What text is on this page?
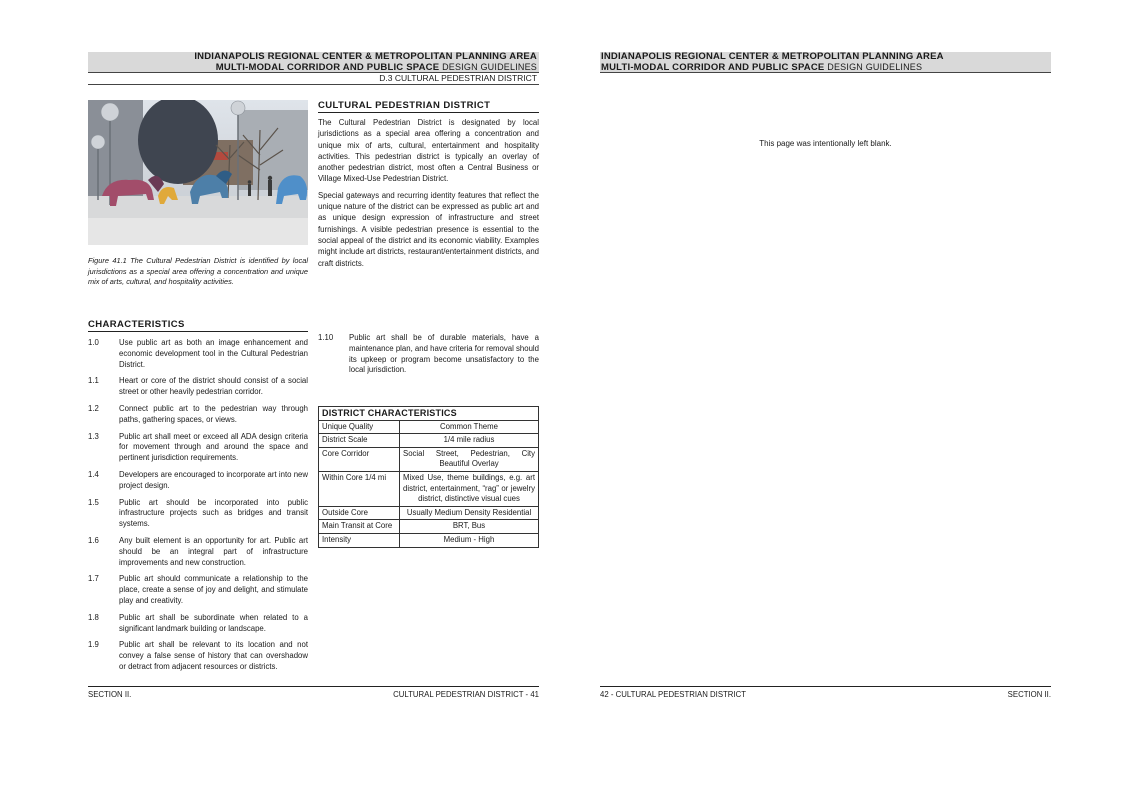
INDIANAPOLIS REGIONAL CENTER & METROPOLITAN PLANNING AREA
MULTI-MODAL CORRIDOR AND PUBLIC SPACE DESIGN GUIDELINES
D.3 CULTURAL PEDESTRIAN DISTRICT
Figure 41.1 The Cultural Pedestrian District is identified by local jurisdictions as a special area offering a concentration and unique mix of arts, cultural, and hospitality activities.
CULTURAL PEDESTRIAN DISTRICT

The Cultural Pedestrian District is designated by local jurisdictions as a special area offering a concentration and unique mix of arts, cultural, entertainment and hospitality activities. This pedestrian district is typically an overlay of another pedestrian district, most often a Central Business or Village Mixed-Use Pedestrian District.

Special gateways and recurring identity features that reflect the unique nature of the district can be expressed as public art and as unique design expression of infrastructure and street furnishings. A visible pedestrian presence is essential to the social appeal of the district and its economic viability. Examples might include art districts, restaurant/entertainment districts, and craft districts.

CHARACTERISTICS
1.0	Use public art as both an image enhancement and economic development tool in the Cultural Pedestrian District.
1.1	Heart or core of the district should consist of a social street or other heavily pedestrian corridor.
1.2	Connect public art to the pedestrian way through paths, gathering spaces, or views.
1.3	Public art shall meet or exceed all ADA design criteria for movement through and around the space and pertinent jurisdiction requirements.
1.4	Developers are encouraged to incorporate art into new project design.
1.5	Public art should be incorporated into public infrastructure projects such as bridges and transit systems.
1.6	Any built element is an opportunity for art. Public art should be an integral part of infrastructure improvements and new construction.
1.7	Public art should communicate a relationship to the place, create a sense of joy and delight, and stimulate play and creativity.
1.8	Public art shall be subordinate when related to a significant landmark building or landscape.
1.9	Public art shall be relevant to its location and not convey a false sense of history that can overshadow or detract from adjacent resources or districts.
1.10	Public art shall be of durable materials, have a maintenance plan, and have criteria for removal should its upkeep or program become unsatisfactory to the local jurisdiction.
DISTRICT CHARACTERISTICS	
Unique Quality	Common Theme
District Scale	1/4 mile radius
Core Corridor	Social Street, Pedestrian, City Beautiful Overlay
Within Core 1/4 mi	Mixed Use, theme buildings, e.g. art district, entertainment, “rag” or jewelry district, distinctive visual cues
Outside Core	Usually Medium Density Residential
Main Transit at Core	BRT, Bus
Intensity	Medium - High
SECTION II.	CULTURAL PEDESTRIAN DISTRICT - 41
INDIANAPOLIS REGIONAL CENTER & METROPOLITAN PLANNING AREA
MULTI-MODAL CORRIDOR AND PUBLIC SPACE DESIGN GUIDELINES
This page was intentionally left blank.
42 - CULTURAL PEDESTRIAN DISTRICT	SECTION II.
